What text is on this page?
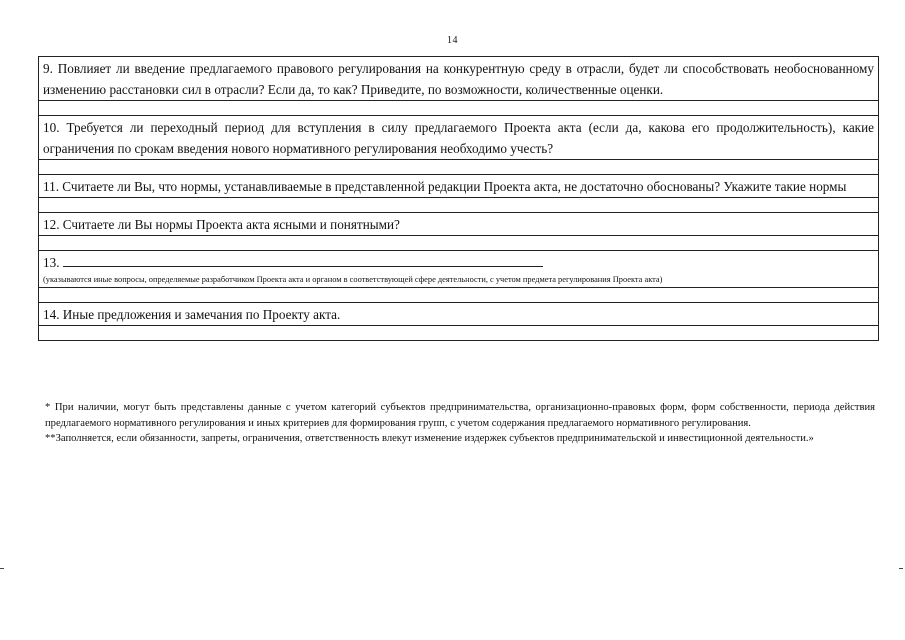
14
9. Повлияет ли введение предлагаемого правового регулирования на конкурентную среду в отрасли, будет ли способствовать необоснованному изменению расстановки сил в отрасли? Если да, то как? Приведите, по возможности, количественные оценки.

10. Требуется ли переходный период для вступления в силу предлагаемого Проекта акта (если да, какова его продолжительность), какие ограничения по срокам введения нового нормативного регулирования необходимо учесть?

11. Считаете ли Вы, что нормы, устанавливаемые в представленной редакции Проекта акта, не достаточно обоснованы? Укажите такие нормы

12. Считаете ли Вы нормы Проекта акта ясными и понятными?

13.
(указываются иные вопросы, определяемые разработчиком Проекта акта и органом в соответствующей сфере деятельности, с учетом предмета регулирования Проекта акта)

14. Иные предложения и замечания по Проекту акта.

* При наличии, могут быть представлены данные с учетом категорий субъектов предпринимательства, организационно-правовых форм, форм собственности, периода действия предлагаемого нормативного регулирования и иных критериев для формирования групп, с учетом содержания предлагаемого нормативного регулирования.

**Заполняется, если обязанности, запреты, ограничения, ответственность влекут изменение издержек субъектов предпринимательской и инвестиционной деятельности.»
